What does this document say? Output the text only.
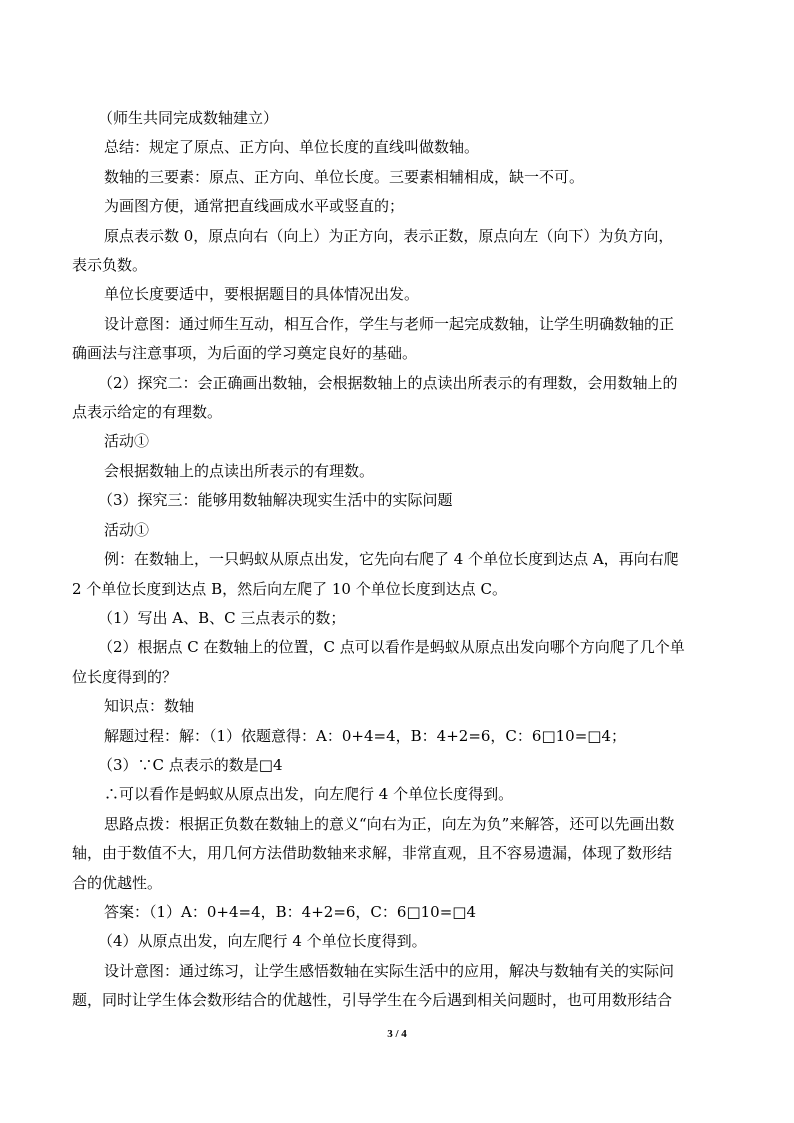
（师生共同完成数轴建立）
总结：规定了原点、正方向、单位长度的直线叫做数轴。
数轴的三要素：原点、正方向、单位长度。三要素相辅相成，缺一不可。
为画图方便，通常把直线画成水平或竖直的；
原点表示数 0，原点向右（向上）为正方向，表示正数，原点向左（向下）为负方向，
表示负数。
单位长度要适中，要根据题目的具体情况出发。
设计意图：通过师生互动，相互合作，学生与老师一起完成数轴，让学生明确数轴的正
确画法与注意事项，为后面的学习奠定良好的基础。
（2）探究二：会正确画出数轴，会根据数轴上的点读出所表示的有理数，会用数轴上的
点表示给定的有理数。
活动①
会根据数轴上的点读出所表示的有理数。
（3）探究三：能够用数轴解决现实生活中的实际问题
活动①
例：在数轴上，一只蚂蚁从原点出发，它先向右爬了 4 个单位长度到达点 A，再向右爬
2 个单位长度到达点 B，然后向左爬了 10 个单位长度到达点 C。
（1）写出 A、B、C 三点表示的数；
（2）根据点 C 在数轴上的位置，C 点可以看作是蚂蚁从原点出发向哪个方向爬了几个单
位长度得到的？
知识点：数轴
解题过程：解：（1）依题意得：A：0+4=4，B：4+2=6，C：6□10=□4；
（3）∵C 点表示的数是□4
∴可以看作是蚂蚁从原点出发，向左爬行 4 个单位长度得到。
思路点拨：根据正负数在数轴上的意义“向右为正，向左为负”来解答，还可以先画出数
轴，由于数值不大，用几何方法借助数轴来求解，非常直观，且不容易遗漏，体现了数形结
合的优越性。
答案：（1）A：0+4=4，B：4+2=6，C：6□10=□4
（4）从原点出发，向左爬行 4 个单位长度得到。
设计意图：通过练习，让学生感悟数轴在实际生活中的应用，解决与数轴有关的实际问
题，同时让学生体会数形结合的优越性，引导学生在今后遇到相关问题时，也可用数形结合
3 / 4
